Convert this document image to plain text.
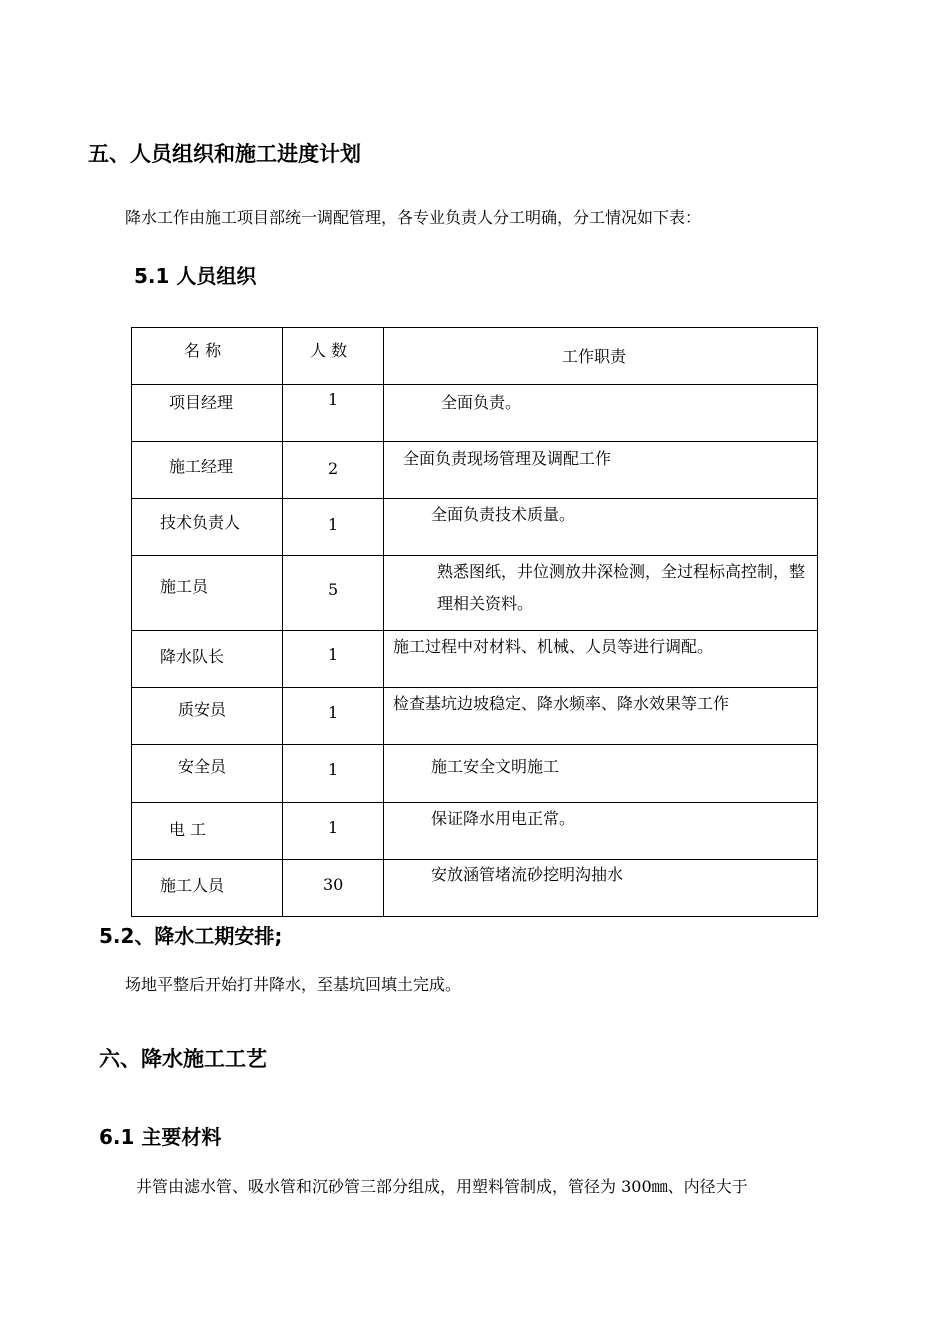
五、人员组织和施工进度计划
降水工作由施工项目部统一调配管理，各专业负责人分工明确，分工情况如下表：
5.1 人员组织
名 称	人 数	工作职责

项目经理	1	全面负责。

施工经理	2	全面负责现场管理及调配工作

技术负责人	1	全面负责技术质量。

施工员	5	熟悉图纸，井位测放井深检测，全过程标高控制，整理相关资料。

降水队长	1	施工过程中对材料、机械、人员等进行调配。

质安员	1	检查基坑边坡稳定、降水频率、降水效果等工作

安全员	1	施工安全文明施工

电 工	1	保证降水用电正常。

施工人员	30	安放涵管堵流砂挖明沟抽水
5.2、降水工期安排;
场地平整后开始打井降水，至基坑回填土完成。
六、降水施工工艺
6.1 主要材料
井管由滤水管、吸水管和沉砂管三部分组成，用塑料管制成，管径为 300㎜、内径大于
